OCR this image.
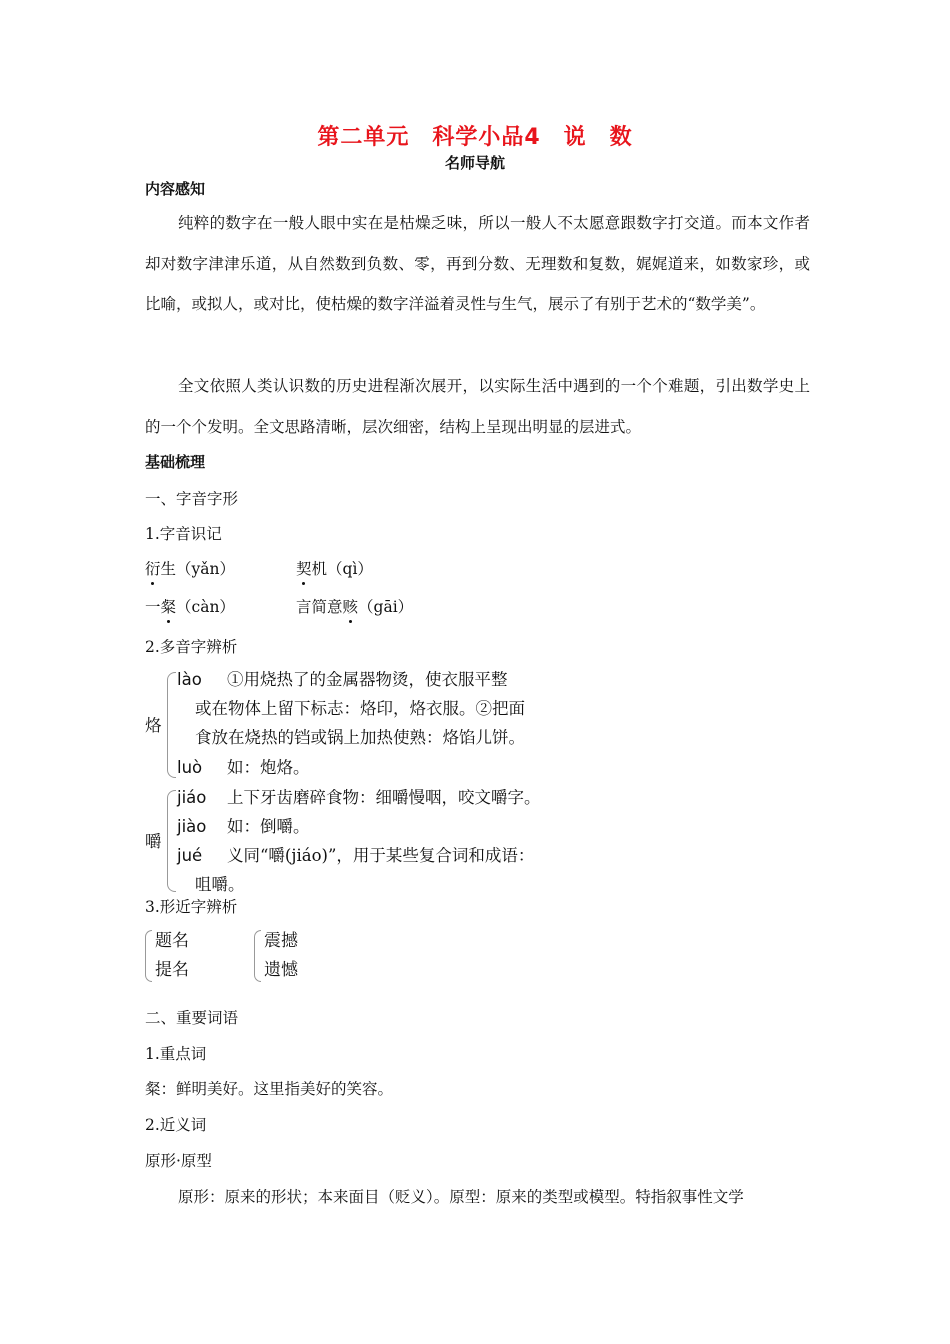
第二单元　科学小品4　说　数
名师导航
内容感知
纯粹的数字在一般人眼中实在是枯燥乏味，所以一般人不太愿意跟数字打交道。而本文作者却对数字津津乐道，从自然数到负数、零，再到分数、无理数和复数，娓娓道来，如数家珍，或比喻，或拟人，或对比，使枯燥的数字洋溢着灵性与生气，展示了有别于艺术的“数学美”。
全文依照人类认识数的历史进程渐次展开，以实际生活中遇到的一个个难题，引出数学史上的一个个发明。全文思路清晰，层次细密，结构上呈现出明显的层进式。
基础梳理
一、字音字形
1.字音识记
衍生（yǎn）	契机（qì）
一粲（càn）	言简意赅（gāi）
2.多音字辨析
烙
lào ①用烧热了的金属器物烫，使衣服平整
或在物体上留下标志：烙印，烙衣服。②把面
食放在烧热的铛或锅上加热使熟：烙馅儿饼。
luò 如：炮烙。
嚼
jiáo 上下牙齿磨碎食物：细嚼慢咽，咬文嚼字。
jiào 如：倒嚼。
jué 义同“嚼(jiáo)”，用于某些复合词和成语：
咀嚼。
3.形近字辨析
题名
提名
震撼
遗憾
二、重要词语
1.重点词
粲：鲜明美好。这里指美好的笑容。
2.近义词
原形·原型
原形：原来的形状；本来面目（贬义）。原型：原来的类型或模型。特指叙事性文学
